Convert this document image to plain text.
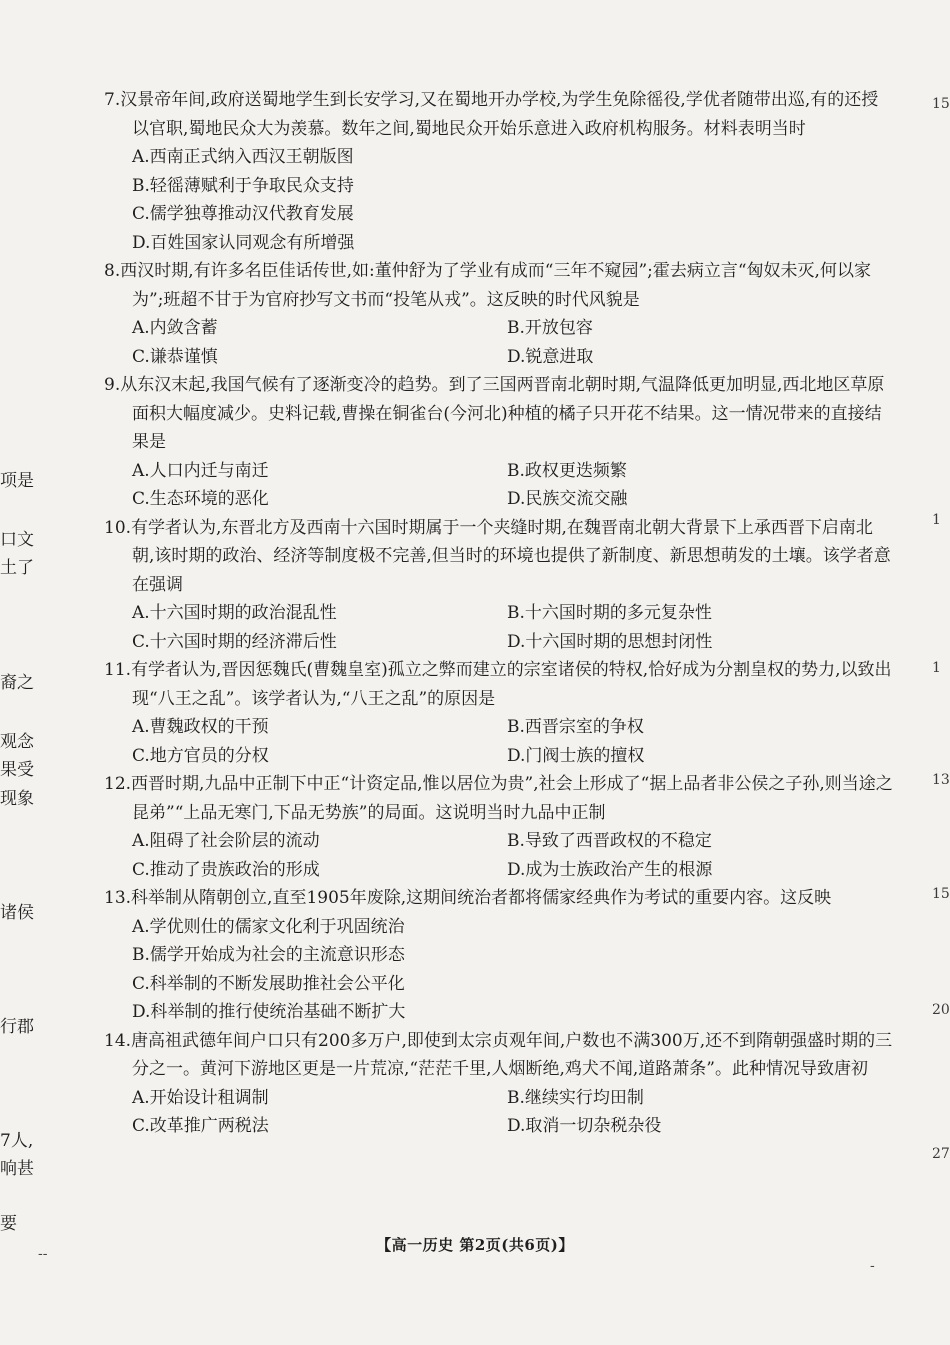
项是
口文
土了
裔之
观念
果受
现象
诸侯
行郡
7人,
响甚
要
15
1
1
13
15
20
27

7.汉景帝年间,政府送蜀地学生到长安学习,又在蜀地开办学校,为学生免除徭役,学优者随带出巡,有的还授以官职,蜀地民众大为羡慕。数年之间,蜀地民众开始乐意进入政府机构服务。材料表明当时

A.西南正式纳入西汉王朝版图

B.轻徭薄赋利于争取民众支持

C.儒学独尊推动汉代教育发展

D.百姓国家认同观念有所增强

8.西汉时期,有许多名臣佳话传世,如:董仲舒为了学业有成而“三年不窥园”;霍去病立言“匈奴未灭,何以家为”;班超不甘于为官府抄写文书而“投笔从戎”。这反映的时代风貌是

A.内敛含蓄	B.开放包容

C.谦恭谨慎	D.锐意进取

9.从东汉末起,我国气候有了逐渐变冷的趋势。到了三国两晋南北朝时期,气温降低更加明显,西北地区草原面积大幅度减少。史料记载,曹操在铜雀台(今河北)种植的橘子只开花不结果。这一情况带来的直接结果是

A.人口内迁与南迁	B.政权更迭频繁

C.生态环境的恶化	D.民族交流交融

10.有学者认为,东晋北方及西南十六国时期属于一个夹缝时期,在魏晋南北朝大背景下上承西晋下启南北朝,该时期的政治、经济等制度极不完善,但当时的环境也提供了新制度、新思想萌发的土壤。该学者意在强调

A.十六国时期的政治混乱性	B.十六国时期的多元复杂性

C.十六国时期的经济滞后性	D.十六国时期的思想封闭性

11.有学者认为,晋因惩魏氏(曹魏皇室)孤立之弊而建立的宗室诸侯的特权,恰好成为分割皇权的势力,以致出现“八王之乱”。该学者认为,“八王之乱”的原因是

A.曹魏政权的干预	B.西晋宗室的争权

C.地方官员的分权	D.门阀士族的擅权

12.西晋时期,九品中正制下中正“计资定品,惟以居位为贵”,社会上形成了“据上品者非公侯之子孙,则当途之昆弟”“上品无寒门,下品无势族”的局面。这说明当时九品中正制

A.阻碍了社会阶层的流动	B.导致了西晋政权的不稳定

C.推动了贵族政治的形成	D.成为士族政治产生的根源

13.科举制从隋朝创立,直至1905年废除,这期间统治者都将儒家经典作为考试的重要内容。这反映

A.学优则仕的儒家文化利于巩固统治

B.儒学开始成为社会的主流意识形态

C.科举制的不断发展助推社会公平化

D.科举制的推行使统治基础不断扩大

14.唐高祖武德年间户口只有200多万户,即使到太宗贞观年间,户数也不满300万,还不到隋朝强盛时期的三分之一。黄河下游地区更是一片荒凉,“茫茫千里,人烟断绝,鸡犬不闻,道路萧条”。此种情况导致唐初

A.开始设计租调制	B.继续实行均田制

C.改革推广两税法	D.取消一切杂税杂役

【高一历史 第2页(共6页)】
--
-
